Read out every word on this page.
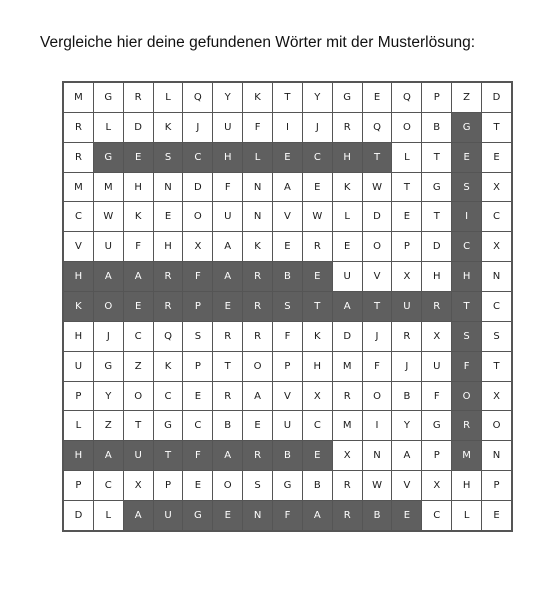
Vergleiche hier deine gefundenen Wörter mit der Musterlösung:
M	G	R	L	Q	Y	K	T	Y	G	E	Q	P	Z	D
R	L	D	K	J	U	F	I	J	R	Q	O	B	G	T
R	G	E	S	C	H	L	E	C	H	T	L	T	E	E
M	M	H	N	D	F	N	A	E	K	W	T	G	S	X
C	W	K	E	O	U	N	V	W	L	D	E	T	I	C
V	U	F	H	X	A	K	E	R	E	O	P	D	C	X
H	A	A	R	F	A	R	B	E	U	V	X	H	H	N
K	O	E	R	P	E	R	S	T	A	T	U	R	T	C
H	J	C	Q	S	R	R	F	K	D	J	R	X	S	S
U	G	Z	K	P	T	O	P	H	M	F	J	U	F	T
P	Y	O	C	E	R	A	V	X	R	O	B	F	O	X
L	Z	T	G	C	B	E	U	C	M	I	Y	G	R	O
H	A	U	T	F	A	R	B	E	X	N	A	P	M	N
P	C	X	P	E	O	S	G	B	R	W	V	X	H	P
D	L	A	U	G	E	N	F	A	R	B	E	C	L	E
